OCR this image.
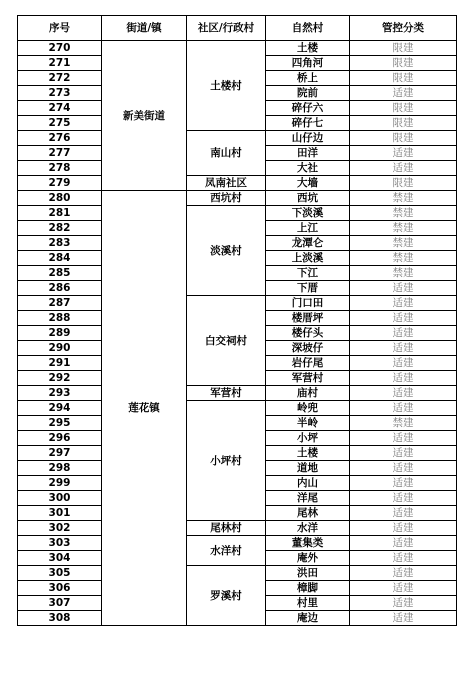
序号	街道/镇	社区/行政村	自然村	管控分类
270	新美街道	土楼村	土楼	限建
271			四角河	限建
272			桥上	限建
273			院前	适建
274			碎仔六	限建
275			碎仔七	限建
276		南山村	山仔边	限建
277			田洋	适建
278			大社	适建
279		凤南社区	大墙	限建
280	莲花镇	西坑村	西坑	禁建
281		淡溪村	下淡溪	禁建
282			上江	禁建
283			龙潭仑	禁建
284			上淡溪	禁建
285			下江	禁建
286			下厝	适建
287		白交祠村	门口田	适建
288			楼厝坪	适建
289			楼仔头	适建
290			深坡仔	适建
291			岩仔尾	适建
292			军营村	适建
293		军营村	庙村	适建
294		小坪村	岭兜	适建
295			半岭	禁建
296			小坪	适建
297			土楼	适建
298			道地	适建
299			内山	适建
300			洋尾	适建
301			尾林	适建
302		尾林村	水洋	适建
303		水洋村	董集类	适建
304			庵外	适建
305		罗溪村	洪田	适建
306			樟脚	适建
307			村里	适建
308			庵边	适建
